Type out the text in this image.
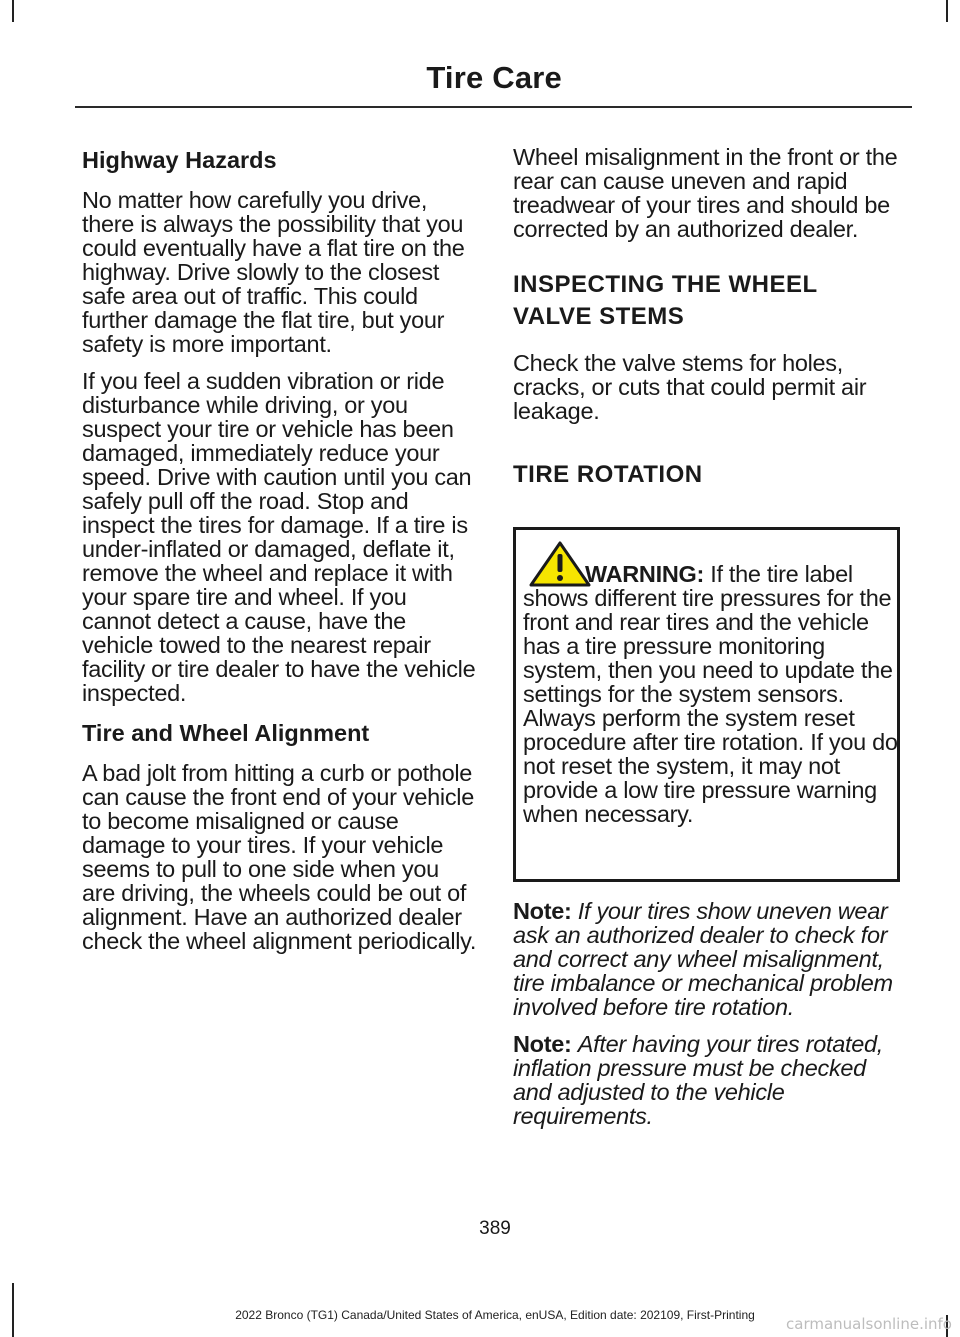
Tire Care
Highway Hazards

No matter how carefully you drive, there is always the possibility that you could eventually have a flat tire on the highway. Drive slowly to the closest safe area out of traffic. This could further damage the flat tire, but your safety is more important.

If you feel a sudden vibration or ride disturbance while driving, or you suspect your tire or vehicle has been damaged, immediately reduce your speed. Drive with caution until you can safely pull off the road. Stop and inspect the tires for damage. If a tire is under-inflated or damaged, deflate it, remove the wheel and replace it with your spare tire and wheel. If you cannot detect a cause, have the vehicle towed to the nearest repair facility or tire dealer to have the vehicle inspected.

Tire and Wheel Alignment

A bad jolt from hitting a curb or pothole can cause the front end of your vehicle to become misaligned or cause damage to your tires. If your vehicle seems to pull to one side when you are driving, the wheels could be out of alignment. Have an authorized dealer check the wheel alignment periodically.

Wheel misalignment in the front or the rear can cause uneven and rapid treadwear of your tires and should be corrected by an authorized dealer.

INSPECTING THE WHEEL
VALVE STEMS

Check the valve stems for holes, cracks, or cuts that could permit air leakage.

TIRE ROTATION
WARNING: If the tire label shows different tire pressures for the front and rear tires and the vehicle has a tire pressure monitoring system, then you need to update the settings for the system sensors. Always perform the system reset procedure after tire rotation. If you do not reset the system, it may not provide a low tire pressure warning when necessary.

Note: If your tires show uneven wear ask an authorized dealer to check for and correct any wheel misalignment, tire imbalance or mechanical problem involved before tire rotation.

Note: After having your tires rotated, inflation pressure must be checked and adjusted to the vehicle requirements.

389
2022 Bronco (TG1) Canada/United States of America, enUSA, Edition date: 202109, First-Printing	carmanualsonline.info
